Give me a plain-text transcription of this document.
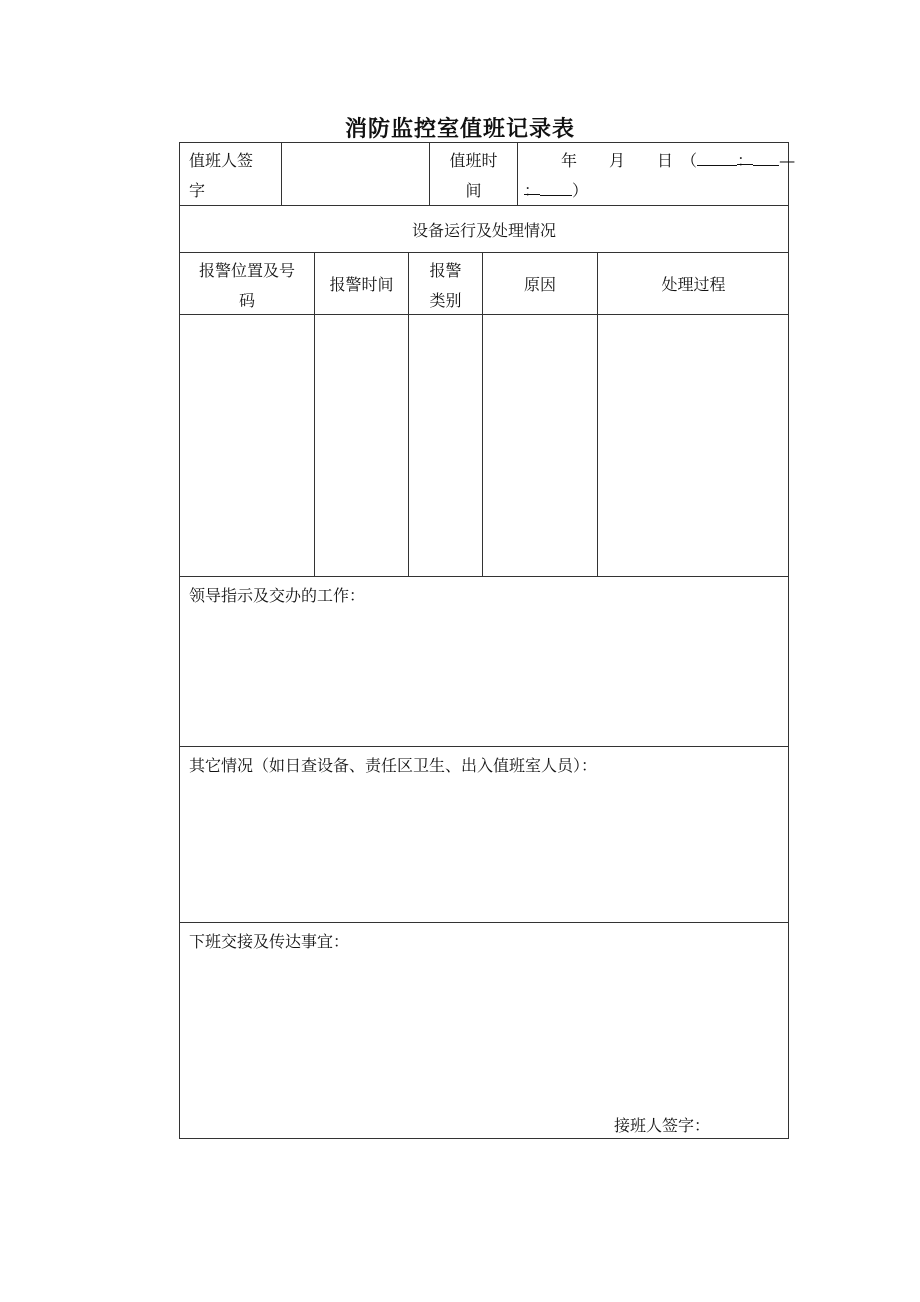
消防监控室值班记录表
值班人签
字
值班时
间
年 月 日 （	： —
： ）
设备运行及处理情况
报警位置及号
码
报警时间
报警
类别
原因	处理过程
领导指示及交办的工作：
其它情况（如日查设备、责任区卫生、出入值班室人员）：
下班交接及传达事宜：
接班人签字：
